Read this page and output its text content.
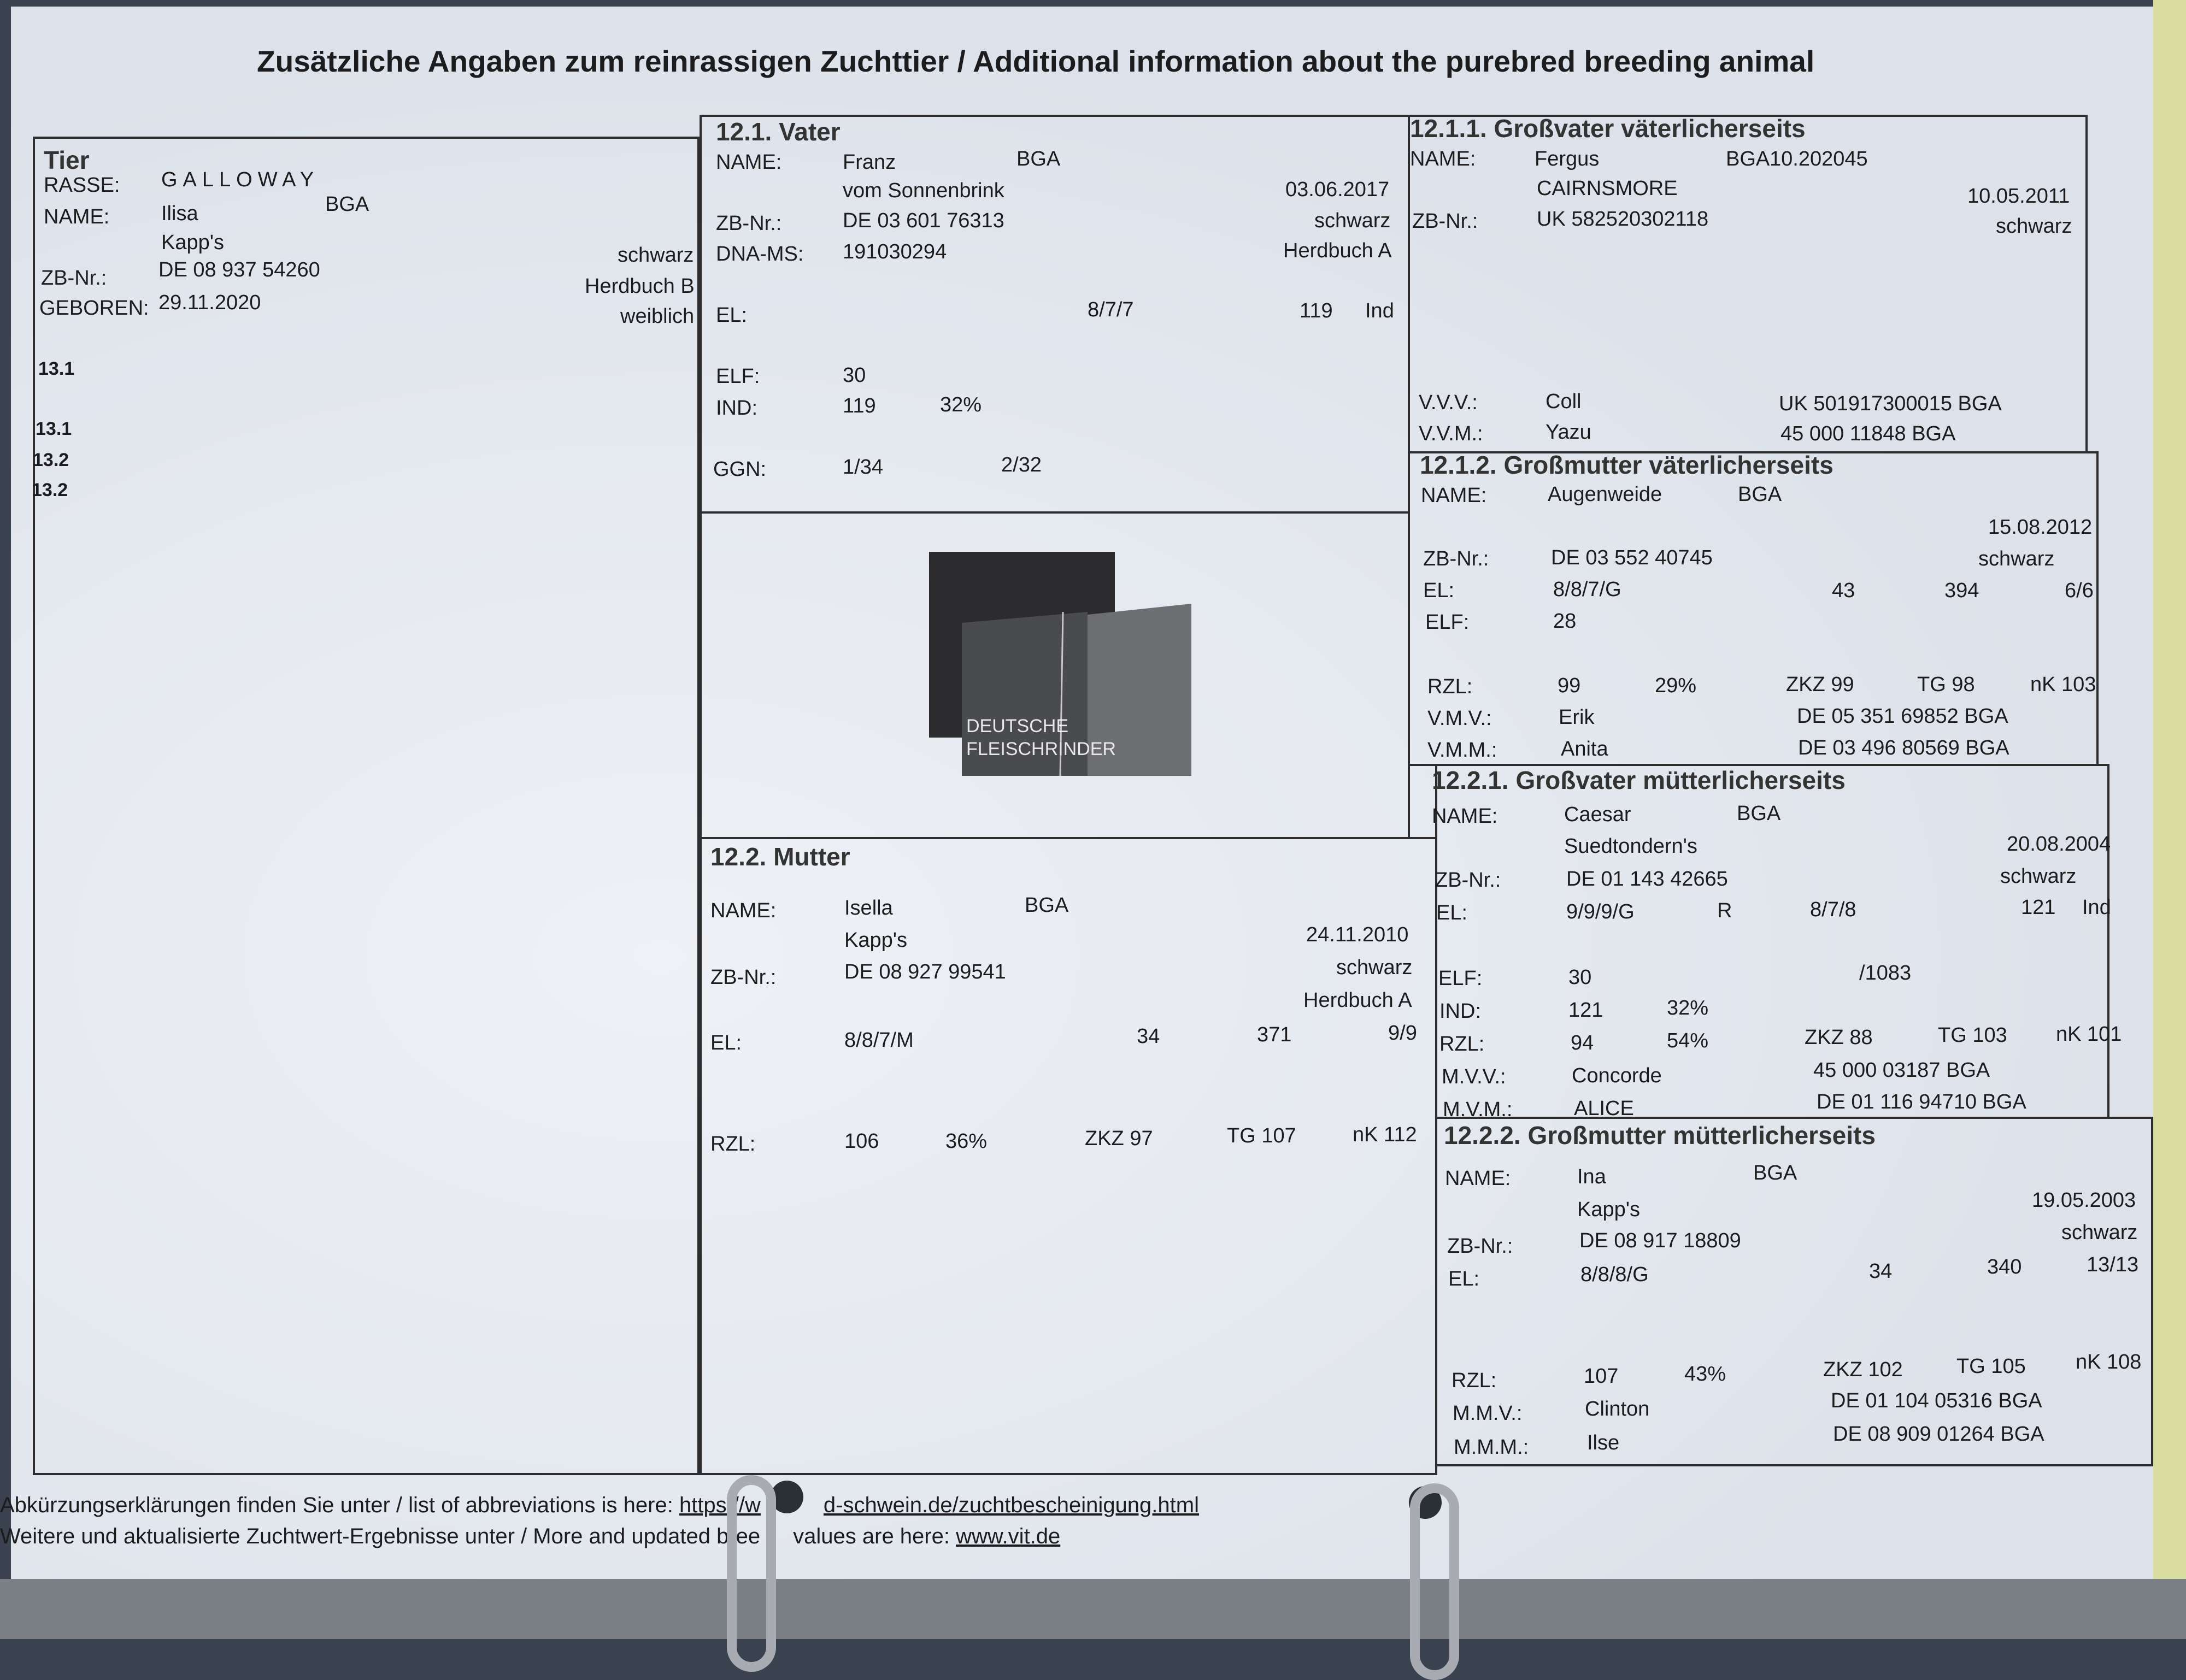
Zusätzliche Angaben zum reinrassigen Zuchttier / Additional information about the purebred breeding animal
Tier
RASSE: GALLOWAY
NAME: Ilisa	BGA
Kapp's
ZB-Nr.: DE 08 937 54260
schwarz
Herdbuch B
GEBOREN: 29.11.2020
weiblich
13.1
13.1
13.2
13.2
12.1. Vater
NAME:	Franz	BGA
vom Sonnenbrink	03.06.2017
ZB-Nr.:	DE 03 601 76313	schwarz
DNA-MS: 191030294	Herdbuch A
EL:	8/7/7	119 Ind
ELF:	30
IND:	119	32%
GGN:	1/34	2/32
DEUTSCHE
FLEISCHRINDER
12.2. Mutter
NAME:	Isella	BGA
Kapp's	24.11.2010
ZB-Nr.:	DE 08 927 99541	schwarz
Herdbuch A
EL:	8/8/7/M	34	371	9/9
RZL:	106	36%	ZKZ 97	TG 107	nK 112
12.1.1. Großvater väterlicherseits
NAME:	Fergus	BGA 10.202045
CAIRNSMORE	10.05.2011
ZB-Nr.:	UK 582520302118	schwarz
V.V.V.:	Coll	UK 501917300015 BGA
V.V.M.:	Yazu	45 000 11848 BGA
12.1.2. Großmutter väterlicherseits
NAME:	Augenweide	BGA
15.08.2012
ZB-Nr.:	DE 03 552 40745	schwarz
EL:	8/8/7/G	43	394	6/6
ELF:	28
RZL:	99	29%	ZKZ 99	TG 98	nK 103
V.M.V.:	Erik	DE 05 351 69852 BGA
V.M.M.:	Anita	DE 03 496 80569 BGA
12.2.1. Großvater mütterlicherseits
NAME:	Caesar	BGA
Suedtondern's	20.08.2004
ZB-Nr.:	DE 01 143 42665	schwarz
EL:	9/9/9/G	R	8/7/8	121 Ind
ELF:	30	/1083
IND:	121	32%
RZL:	94	54%	ZKZ 88	TG 103 nK 101
M.V.V.:	Concorde	45 000 03187 BGA
M.V.M.:	ALICE	DE 01 116 94710 BGA
12.2.2. Großmutter mütterlicherseits
NAME:	Ina	BGA
Kapp's	19.05.2003
ZB-Nr.:	DE 08 917 18809	schwarz
EL:	8/8/8/G	34	340	13/13
RZL:	107	43%	ZKZ 102	TG 105 nK 108
M.M.V.:	Clinton	DE 01 104 05316 BGA
M.M.M.:	Ilse	DE 08 909 01264 BGA
Abkürzungserklärungen finden Sie unter / list of abbreviations is here: https://w	d-schwein.de/zuchtbescheinigung.html
Weitere und aktualisierte Zuchtwert-Ergebnisse unter / More and updated bree values are here: www.vit.de
